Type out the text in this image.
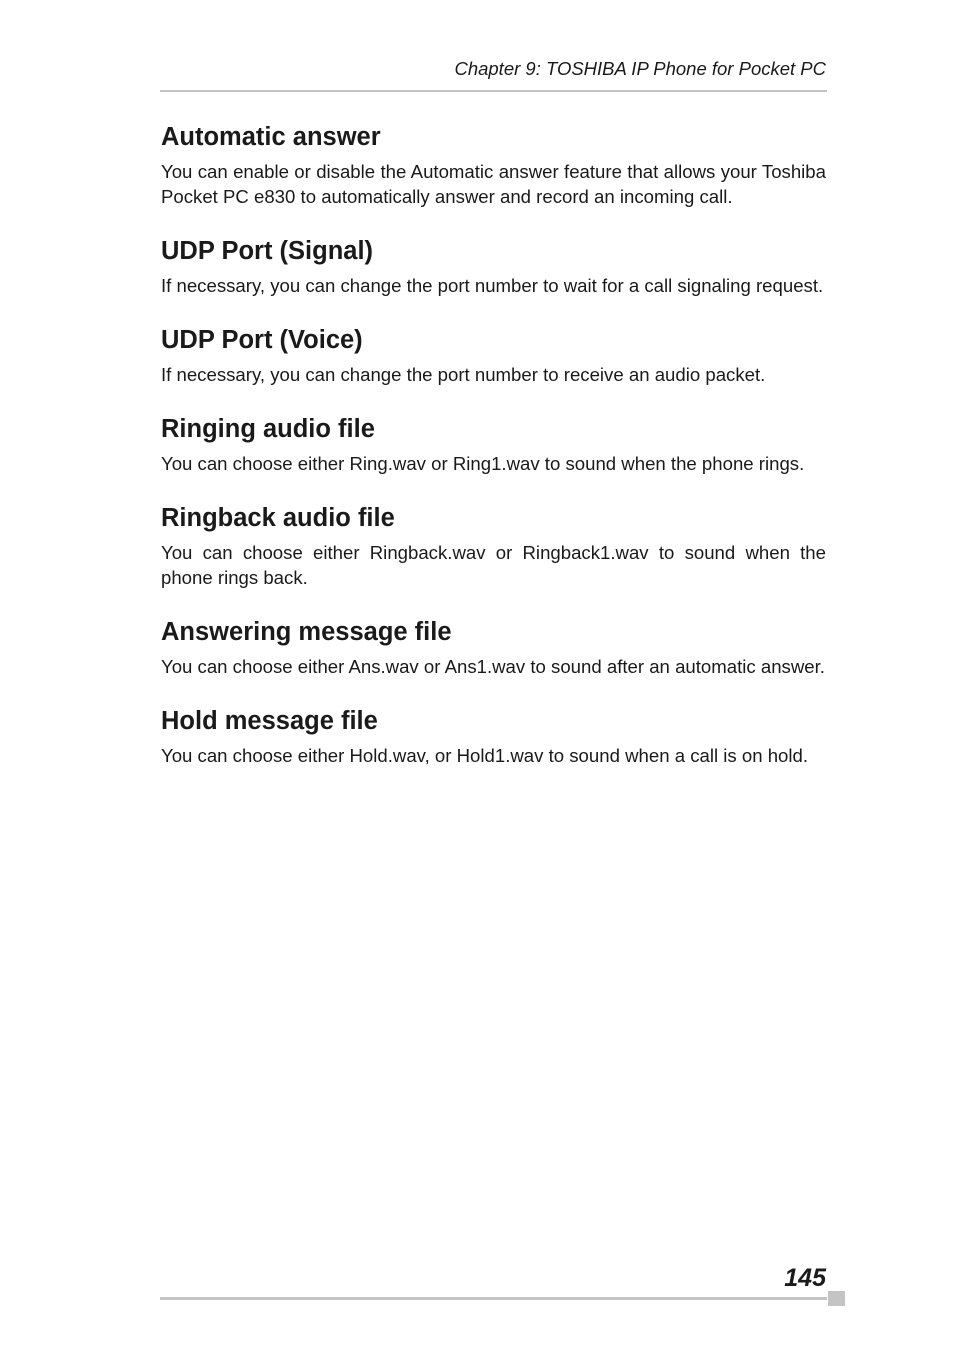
Chapter 9: TOSHIBA IP Phone for Pocket PC
Automatic answer

You can enable or disable the Automatic answer feature that allows your Toshiba Pocket PC e830 to automatically answer and record an incoming call.

UDP Port (Signal)

If necessary, you can change the port number to wait for a call signaling request.

UDP Port (Voice)

If necessary, you can change the port number to receive an audio packet.

Ringing audio file

You can choose either Ring.wav or Ring1.wav to sound when the phone rings.

Ringback audio file

You can choose either Ringback.wav or Ringback1.wav to sound when the phone rings back.

Answering message file

You can choose either Ans.wav or Ans1.wav to sound after an automatic answer.

Hold message file

You can choose either Hold.wav, or Hold1.wav to sound when a call is on hold.

145
